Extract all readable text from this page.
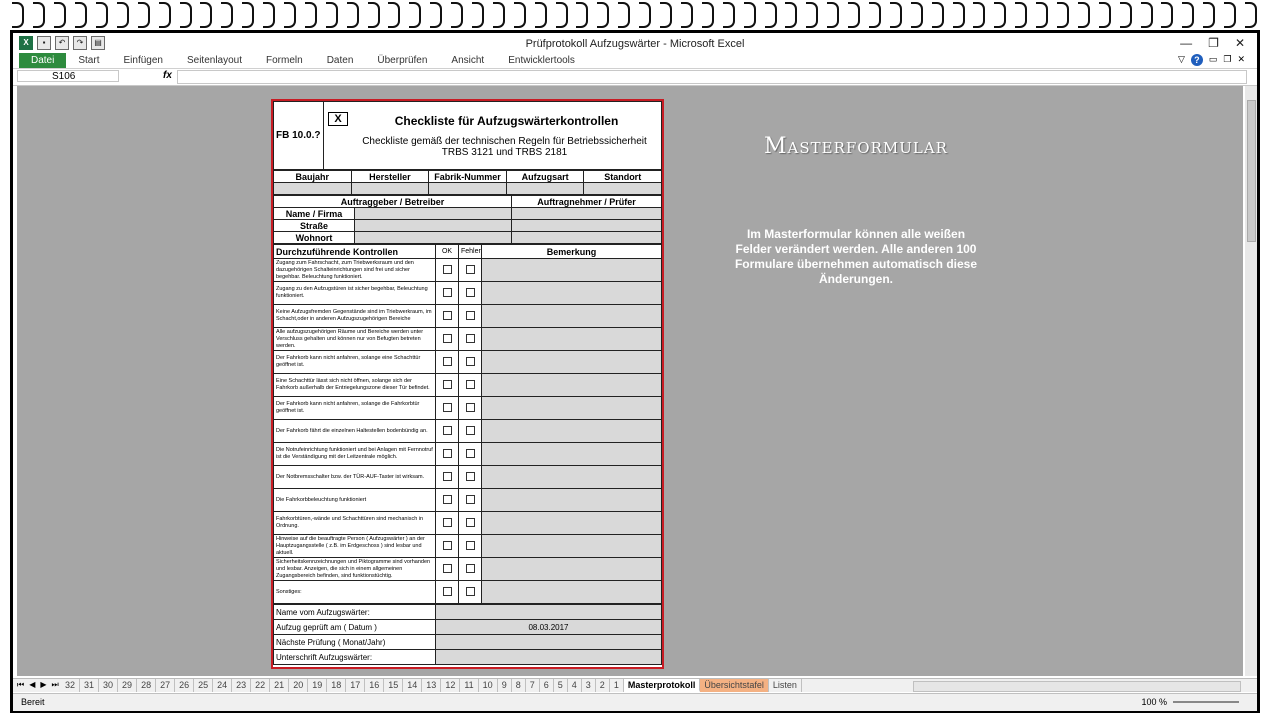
X	▪	↶	↷	▤	Prüfprotokoll Aufzugswärter - Microsoft Excel	— ❐ ✕
Datei	Start	Einfügen	Seitenlayout	Formeln	Daten	Überprüfen	Ansicht	Entwicklertools	▽	?	▭ ❐ ✕
S106	fx
FB 10.0.?	
X	Checkliste für Aufzugswärterkontrollen
Checkliste gemäß der technischen Regeln für Betriebssicherheit
TRBS 3121 und TRBS 2181
Baujahr	Hersteller	Fabrik-Nummer	Aufzugsart	Standort

Auftraggeber / Betreiber		Auftragnehmer / Prüfer
Name / Firma		
Straße		
Wohnort		
Durchzuführende Kontrollen	OK	Fehler	Bemerkung
Zugang zum Fahrschacht, zum Triebwerksraum und den dazugehörigen Schalteinrichtungen sind frei und sicher begehbar. Beleuchtung funktioniert.			
Zugang zu den Aufzugstüren ist sicher begehbar, Beleuchtung funktioniert.			
Keine Aufzugsfremden Gegenstände sind im Triebwerkraum, im Schacht,oder in anderen Aufzugszugehörigen Bereiche			
Alle aufzugszugehörigen Räume und Bereiche werden unter Verschluss gehalten und können nur von Befugten betreten werden.			
Der Fahrkorb kann nicht anfahren, solange eine Schachttür geöffnet ist.			
Eine Schachttür lässt sich nicht öffnen, solange sich der Fahrkorb außerhalb der Entriegelungszone dieser Tür befindet.			
Der Fahrkorb kann nicht anfahren, solange die Fahrkorbtür geöffnet ist.			
Der Fahrkorb fährt die einzelnen Haltestellen bodenbündig an.			
Die Notrufeinrichtung funktioniert und bei Anlagen mit Fernnotruf ist die Verständigung mit der Leitzentrale möglich.			
Der Notbremsschalter bzw. der TÜR-AUF-Taster ist wirksam.			
Die Fahrkorbbeleuchtung funktioniert			
Fahrkorbtüren,-wände und Schachttüren sind mechanisch in Ordnung.			
Hinweise auf die beauftragte Person ( Aufzugswärter ) an der Hauptzugangsstelle ( z.B. im Erdgeschoss ) sind lesbar und aktuell.			
Sicherheitskennzeichnungen und Piktogramme sind vorhanden und lesbar. Anzeigen, die sich in einem allgemeinen Zugangsbereich befinden, sind funktionstüchtig.			
Sonstiges:			
Name vom Aufzugswärter:	
Aufzug geprüft am ( Datum )	08.03.2017
Nächste Prüfung ( Monat/Jahr)	
Unterschrift Aufzugswärter:	
Masterformular
Im Masterformular können alle weißen Felder verändert werden. Alle anderen 100 Formulare übernehmen automatisch diese Änderungen.
⏮ ◀ ▶ ⏭ 32	31	30	29	28	27	26	25	24	23	22	21	20	19	18	17	16	15	14	13	12	11	10	9	8	7	6	5	4	3	2	1	Masterprotokoll	Übersichtstafel	Listen
Bereit	100 %
